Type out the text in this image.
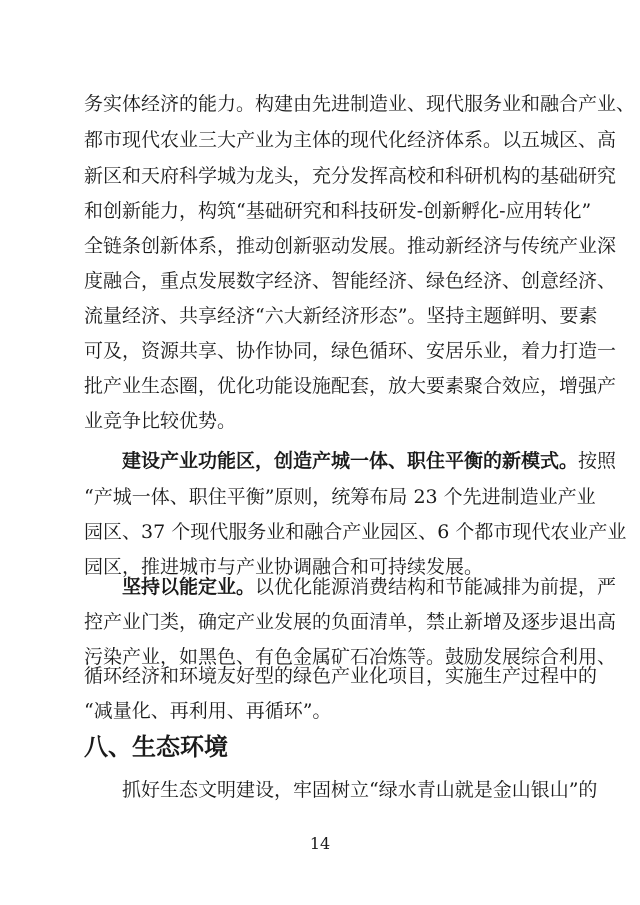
务实体经济的能力。构建由先进制造业、现代服务业和融合产业、
都市现代农业三大产业为主体的现代化经济体系。以五城区、高
新区和天府科学城为龙头，充分发挥高校和科研机构的基础研究
和创新能力，构筑“基础研究和科技研发-创新孵化-应用转化”
全链条创新体系，推动创新驱动发展。推动新经济与传统产业深
度融合，重点发展数字经济、智能经济、绿色经济、创意经济、
流量经济、共享经济“六大新经济形态”。坚持主题鲜明、要素
可及，资源共享、协作协同，绿色循环、安居乐业，着力打造一
批产业生态圈，优化功能设施配套，放大要素聚合效应，增强产
业竞争比较优势。
建设产业功能区，创造产城一体、职住平衡的新模式。按照
“产城一体、职住平衡”原则，统筹布局 23 个先进制造业产业
园区、37 个现代服务业和融合产业园区、6 个都市现代农业产业
园区，推进城市与产业协调融合和可持续发展。
坚持以能定业。以优化能源消费结构和节能减排为前提，严
控产业门类，确定产业发展的负面清单，禁止新增及逐步退出高
污染产业，如黑色、有色金属矿石冶炼等。鼓励发展综合利用、
循环经济和环境友好型的绿色产业化项目，实施生产过程中的
“减量化、再利用、再循环”。
八、生态环境
抓好生态文明建设，牢固树立“绿水青山就是金山银山”的
14
